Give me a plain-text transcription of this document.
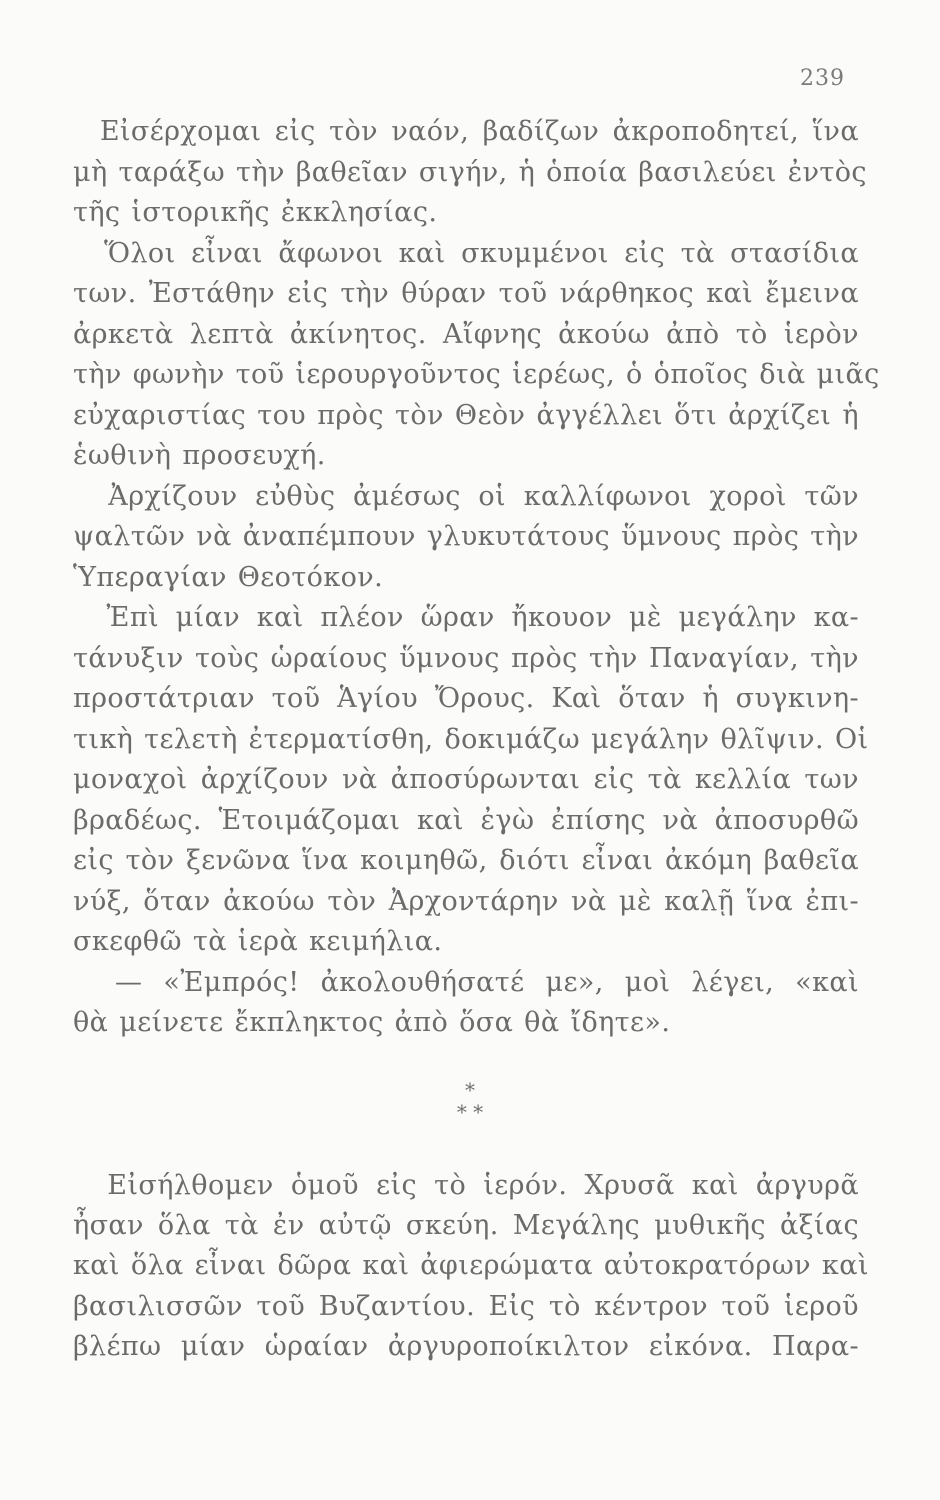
239
Εἰσέρχομαι εἰς τὸν ναόν, βαδίζων ἀκροποδητεί, ἵνα
μὴ ταράξω τὴν βαθεῖαν σιγήν, ἡ ὁποία βασιλεύει ἐντὸς
τῆς ἱστορικῆς ἐκκλησίας.
Ὅλοι εἶναι ἄφωνοι καὶ σκυμμένοι εἰς τὰ στασίδια
των. Ἐστάθην εἰς τὴν θύραν τοῦ νάρθηκος καὶ ἔμεινα
ἀρκετὰ λεπτὰ ἀκίνητος. Αἴφνης ἀκούω ἀπὸ τὸ ἱερὸν
τὴν φωνὴν τοῦ ἱερουργοῦντος ἱερέως, ὁ ὁποῖος διὰ μιᾶς
εὐχαριστίας του πρὸς τὸν Θεὸν ἀγγέλλει ὅτι ἀρχίζει ἡ
ἑωθινὴ προσευχή.
Ἀρχίζουν εὐθὺς ἀμέσως οἱ καλλίφωνοι χοροὶ τῶν
ψαλτῶν νὰ ἀναπέμπουν γλυκυτάτους ὕμνους πρὸς τὴν
Ὑπεραγίαν Θεοτόκον.
Ἐπὶ μίαν καὶ πλέον ὥραν ἤκουον μὲ μεγάλην κα-
τάνυξιν τοὺς ὡραίους ὕμνους πρὸς τὴν Παναγίαν, τὴν
προστάτριαν τοῦ Ἁγίου Ὄρους. Καὶ ὅταν ἡ συγκινη-
τικὴ τελετὴ ἐτερματίσθη, δοκιμάζω μεγάλην θλῖψιν. Οἱ
μοναχοὶ ἀρχίζουν νὰ ἀποσύρωνται εἰς τὰ κελλία των
βραδέως. Ἑτοιμάζομαι καὶ ἐγὼ ἐπίσης νὰ ἀποσυρθῶ
εἰς τὸν ξενῶνα ἵνα κοιμηθῶ, διότι εἶναι ἀκόμη βαθεῖα
νύξ, ὅταν ἀκούω τὸν Ἀρχοντάρην νὰ μὲ καλῇ ἵνα ἐπι-
σκεφθῶ τὰ ἱερὰ κειμήλια.
— «Ἐμπρός! ἀκολουθήσατέ με», μοὶ λέγει, «καὶ
θὰ μείνετε ἔκπληκτος ἀπὸ ὅσα θὰ ἴδητε».
*
* *
Εἰσήλθομεν ὁμοῦ εἰς τὸ ἱερόν. Χρυσᾶ καὶ ἀργυρᾶ
ἦσαν ὅλα τὰ ἐν αὐτῷ σκεύη. Μεγάλης μυθικῆς ἀξίας
καὶ ὅλα εἶναι δῶρα καὶ ἀφιερώματα αὐτοκρατόρων καὶ
βασιλισσῶν τοῦ Βυζαντίου. Εἰς τὸ κέντρον τοῦ ἱεροῦ
βλέπω μίαν ὡραίαν ἀργυροποίκιλτον εἰκόνα. Παρα-
